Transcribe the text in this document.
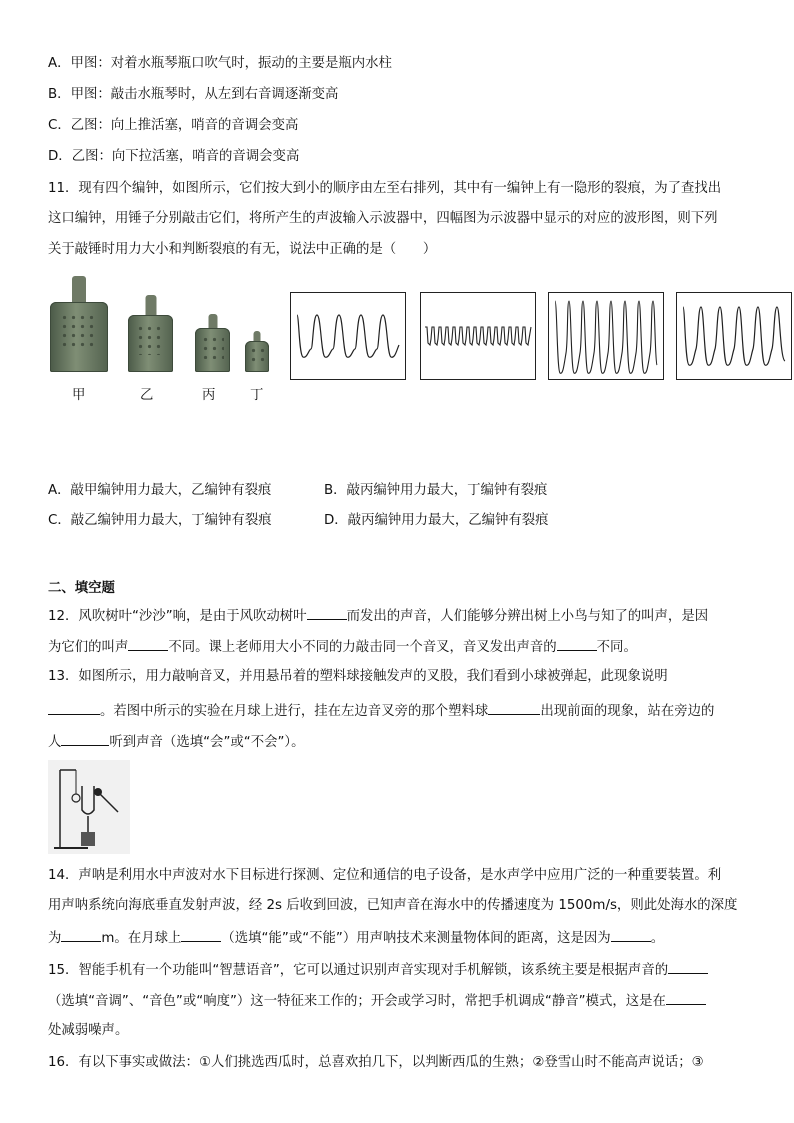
A．甲图：对着水瓶琴瓶口吹气时，振动的主要是瓶内水柱
B．甲图：敲击水瓶琴时，从左到右音调逐渐变高
C．乙图：向上推活塞，哨音的音调会变高
D．乙图：向下拉活塞，哨音的音调会变高
11．现有四个编钟，如图所示，它们按大到小的顺序由左至右排列，其中有一编钟上有一隐形的裂痕，为了查找出
这口编钟，用锤子分别敲击它们，将所产生的声波输入示波器中，四幅图为示波器中显示的对应的波形图，则下列
关于敲锤时用力大小和判断裂痕的有无，说法中正确的是（　　）
甲	乙	丙	丁
A．敲甲编钟用力最大，乙编钟有裂痕	B．敲丙编钟用力最大，丁编钟有裂痕
C．敲乙编钟用力最大，丁编钟有裂痕	D．敲丙编钟用力最大，乙编钟有裂痕
二、填空题
12．风吹树叶“沙沙”响，是由于风吹动树叶	而发出的声音，人们能够分辨出树上小鸟与知了的叫声，是因
为它们的叫声	不同。课上老师用大小不同的力敲击同一个音叉，音叉发出声音的	不同。
13．如图所示，用力敲响音叉，并用悬吊着的塑料球接触发声的叉股，我们看到小球被弹起，此现象说明
。若图中所示的实验在月球上进行，挂在左边音叉旁的那个塑料球	出现前面的现象，站在旁边的
人	听到声音（选填“会”或“不会”）。
14．声呐是利用水中声波对水下目标进行探测、定位和通信的电子设备，是水声学中应用广泛的一种重要装置。利
用声呐系统向海底垂直发射声波，经 2s 后收到回波，已知声音在海水中的传播速度为 1500m/s，则此处海水的深度
为	m。在月球上	（选填“能”或“不能”）用声呐技术来测量物体间的距离，这是因为	。
15．智能手机有一个功能叫“智慧语音”，它可以通过识别声音实现对手机解锁，该系统主要是根据声音的
（选填“音调”、“音色”或“响度”）这一特征来工作的；开会或学习时，常把手机调成“静音”模式，这是在
处减弱噪声。
16．有以下事实或做法：①人们挑选西瓜时，总喜欢拍几下，以判断西瓜的生熟；②登雪山时不能高声说话；③
